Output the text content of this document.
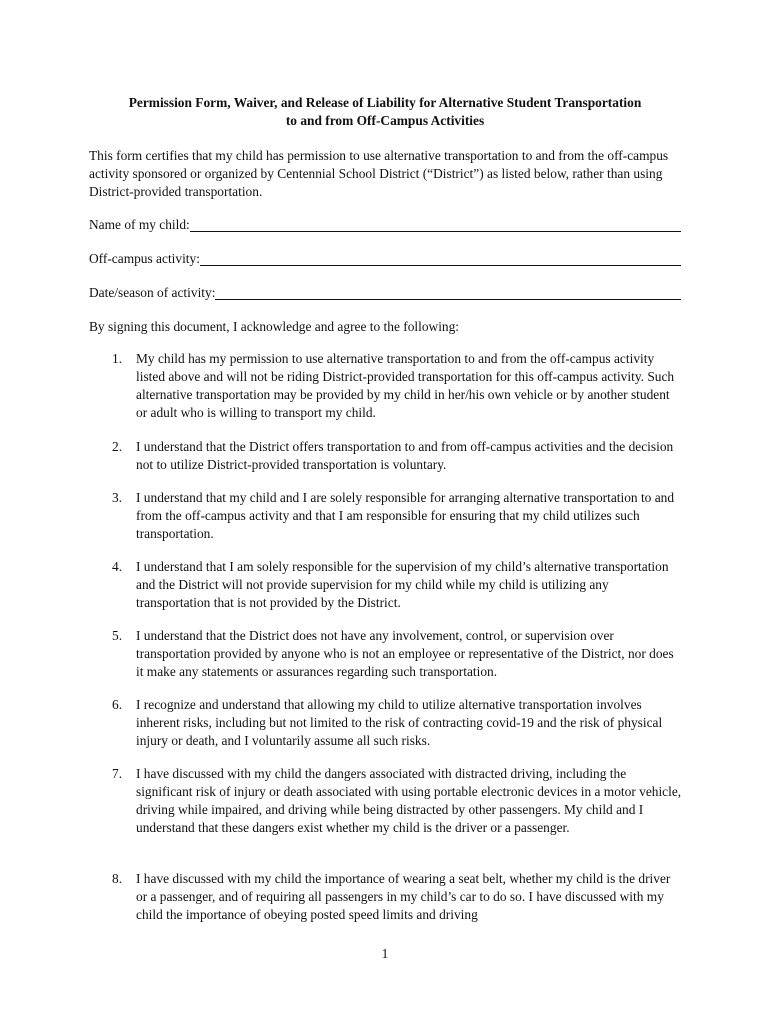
Permission Form, Waiver, and Release of Liability for Alternative Student Transportation
to and from Off-Campus Activities
This form certifies that my child has permission to use alternative transportation to and from the off-campus activity sponsored or organized by Centennial School District (“District”) as listed below, rather than using District-provided transportation.
Name of my child:
Off-campus activity:
Date/season of activity:
By signing this document, I acknowledge and agree to the following:
1.	My child has my permission to use alternative transportation to and from the off-campus activity listed above and will not be riding District-provided transportation for this off-campus activity. Such alternative transportation may be provided by my child in her/his own vehicle or by another student or adult who is willing to transport my child.
2.	I understand that the District offers transportation to and from off-campus activities and the decision not to utilize District-provided transportation is voluntary.
3.	I understand that my child and I are solely responsible for arranging alternative transportation to and from the off-campus activity and that I am responsible for ensuring that my child utilizes such transportation.
4.	I understand that I am solely responsible for the supervision of my child’s alternative transportation and the District will not provide supervision for my child while my child is utilizing any transportation that is not provided by the District.
5.	I understand that the District does not have any involvement, control, or supervision over transportation provided by anyone who is not an employee or representative of the District, nor does it make any statements or assurances regarding such transportation.
6.	I recognize and understand that allowing my child to utilize alternative transportation involves inherent risks, including but not limited to the risk of contracting covid-19 and the risk of physical injury or death, and I voluntarily assume all such risks.
7.	I have discussed with my child the dangers associated with distracted driving, including the significant risk of injury or death associated with using portable electronic devices in a motor vehicle, driving while impaired, and driving while being distracted by other passengers. My child and I understand that these dangers exist whether my child is the driver or a passenger.
8.	I have discussed with my child the importance of wearing a seat belt, whether my child is the driver or a passenger, and of requiring all passengers in my child’s car to do so. I have discussed with my child the importance of obeying posted speed limits and driving
1
